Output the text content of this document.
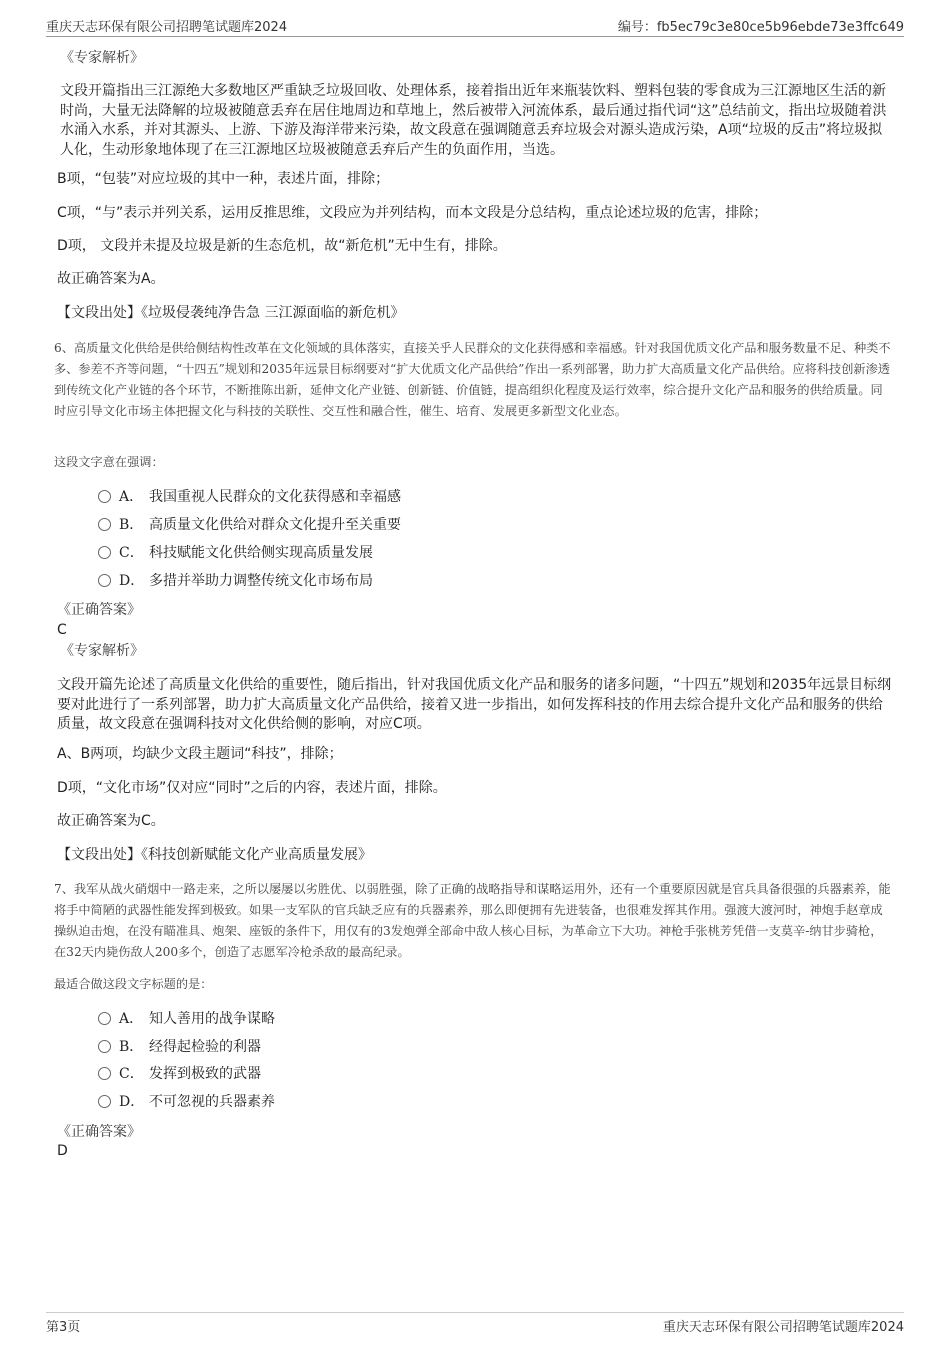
重庆天志环保有限公司招聘笔试题库2024	编号：fb5ec79c3e80ce5b96ebde73e3ffc649
《专家解析》
文段开篇指出三江源绝大多数地区严重缺乏垃圾回收、处理体系，接着指出近年来瓶装饮料、塑料包装的零食成为三江源地区生活的新时尚，大量无法降解的垃圾被随意丢弃在居住地周边和草地上，然后被带入河流体系，最后通过指代词“这”总结前文，指出垃圾随着洪水涌入水系，并对其源头、上游、下游及海洋带来污染，故文段意在强调随意丢弃垃圾会对源头造成污染，A项“垃圾的反击”将垃圾拟人化，生动形象地体现了在三江源地区垃圾被随意丢弃后产生的负面作用，当选。
B项，“包装”对应垃圾的其中一种，表述片面，排除；
C项，“与”表示并列关系，运用反推思维，文段应为并列结构，而本文段是分总结构，重点论述垃圾的危害，排除；
D项， 文段并未提及垃圾是新的生态危机，故“新危机”无中生有，排除。
故正确答案为A。
【文段出处】《垃圾侵袭纯净告急 三江源面临的新危机》
6、高质量文化供给是供给侧结构性改革在文化领域的具体落实，直接关乎人民群众的文化获得感和幸福感。针对我国优质文化产品和服务数量不足、种类不多、参差不齐等问题，“十四五”规划和2035年远景目标纲要对“扩大优质文化产品供给”作出一系列部署，助力扩大高质量文化产品供给。应将科技创新渗透到传统文化产业链的各个环节，不断推陈出新，延伸文化产业链、创新链、价值链，提高组织化程度及运行效率，综合提升文化产品和服务的供给质量。同时应引导文化市场主体把握文化与科技的关联性、交互性和融合性，催生、培育、发展更多新型文化业态。
这段文字意在强调：
A． 我国重视人民群众的文化获得感和幸福感
B． 高质量文化供给对群众文化提升至关重要
C． 科技赋能文化供给侧实现高质量发展
D． 多措并举助力调整传统文化市场布局
《正确答案》
C
《专家解析》
文段开篇先论述了高质量文化供给的重要性，随后指出，针对我国优质文化产品和服务的诸多问题，“十四五”规划和2035年远景目标纲要对此进行了一系列部署，助力扩大高质量文化产品供给，接着又进一步指出，如何发挥科技的作用去综合提升文化产品和服务的供给质量，故文段意在强调科技对文化供给侧的影响，对应C项。
A、B两项，均缺少文段主题词“科技”，排除；
D项，“文化市场”仅对应“同时”之后的内容，表述片面，排除。
故正确答案为C。
【文段出处】《科技创新赋能文化产业高质量发展》
7、我军从战火硝烟中一路走来，之所以屡屡以劣胜优、以弱胜强，除了正确的战略指导和谋略运用外，还有一个重要原因就是官兵具备很强的兵器素养，能将手中简陋的武器性能发挥到极致。如果一支军队的官兵缺乏应有的兵器素养，那么即便拥有先进装备，也很难发挥其作用。强渡大渡河时，神炮手赵章成操纵迫击炮，在没有瞄准具、炮架、座钣的条件下，用仅有的3发炮弹全部命中敌人核心目标，为革命立下大功。神枪手张桃芳凭借一支莫辛-纳甘步骑枪，在32天内毙伤敌人200多个，创造了志愿军冷枪杀敌的最高纪录。
最适合做这段文字标题的是：
A． 知人善用的战争谋略
B． 经得起检验的利器
C． 发挥到极致的武器
D． 不可忽视的兵器素养
《正确答案》
D
第3页	重庆天志环保有限公司招聘笔试题库2024
